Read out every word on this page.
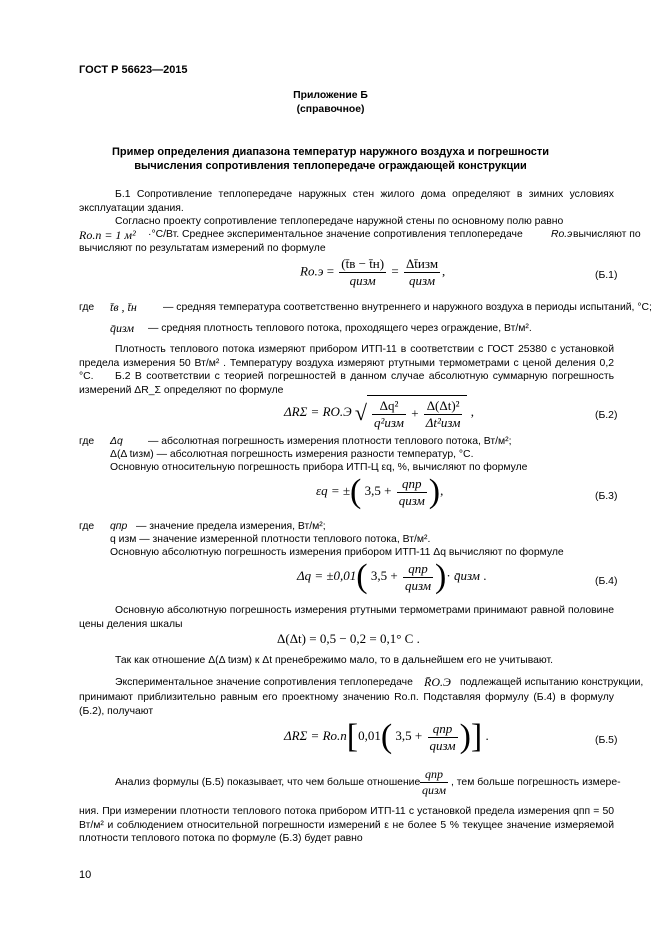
ГОСТ Р 56623—2015
Приложение Б
(справочное)
Пример определения диапазона температур наружного воздуха и погрешности
вычисления сопротивления теплопередаче ограждающей конструкции
Б.1 Сопротивление теплопередаче наружных стен жилого дома определяют в зимних условиях эксплуатации здания.
Согласно проекту сопротивление теплопередаче наружной стены по основному полю равно
Rо.п = 1 м² ·°С/Вт. Среднее экспериментальное значение сопротивления теплопередаче	Rо.э вычисляют по
вычисляют по результатам измерений по формуле
$Rо.э = \frac{(t̄в - t̄н)}{\text{qизм}} = \frac{\text{Δt̄изм}}{\text{qизм}}$ ,	(Б.1)
где t̄в , t̄н	— средняя температура соответственно внутреннего и наружного воздуха в периоды испытаний, °С;
q̄изм — средняя плотность теплового потока, проходящего через ограждение, Вт/м².
Плотность теплового потока измеряют прибором ИТП-11 в соответствии с ГОСТ 25380 с установкой предела измерения 50 Вт/м² . Температуру воздуха измеряют ртутными термометрами с ценой деления 0,2 °С.	Б.2 В соответствии с теорией погрешностей в данном случае абсолютную суммарную погрешность измерений ΔR_Σ определяют по формуле
ΔRΣ = RО.Э √ $\frac{\text{Δq²}}{\text{q²изм}} + \frac{\text{Δ(Δt)²}}{\text{Δt²изм}}$ ,	(Б.2)
где Δq — абсолютная погрешность измерения плотности теплового потока, Вт/м²;
Δ(Δ tизм) — абсолютная погрешность измерения разности температур, °С.
Основную относительную погрешность прибора ИТП-Ц εq, %, вычисляют по формуле
εq = ±( $3,5 + \frac{\text{qпр}}{\text{qизм}}$ ),	(Б.3)
где qпр — значение предела измерения, Вт/м²;
q изм — значение измеренной плотности теплового потока, Вт/м².
Основную абсолютную погрешность измерения прибором ИТП-11 Δq вычисляют по формуле
Δq = ±0,01( $3,5 + \frac{\text{qпр}}{\text{qизм}}$ )· q̄изм .	(Б.4)
Основную абсолютную погрешность измерения ртутными термометрами принимают равной половине цены деления шкалы
Δ(Δt) = 0,5 − 0,2 = 0,1° С .
Так как отношение Δ(Δ tизм) к Δt пренебрежимо мало, то в дальнейшем его не учитывают.
Экспериментальное значение сопротивления теплопередаче R̄О.Э подлежащей испытанию конструкции,
принимают приблизительно равным его проектному значению Rо.п. Подставляя формулу (Б.4) в формулу (Б.2), получают
ΔRΣ = Rо.п[0,01( $3,5 + \frac{\text{qпр}}{\text{qизм}}$ )] .	(Б.5)
Анализ формулы (Б.5) показывает, что чем больше отношение $\frac{\text{qпр}}{\text{qизм}}$ , тем больше погрешность измере-
ния. При измерении плотности теплового потока прибором ИТП-11 с установкой предела измерения qпп = 50 Вт/м² и соблюдением относительной погрешности измерений ε не более 5 % текущее значение измеряемой плотности теплового потока по формуле (Б.3) будет равно
10
